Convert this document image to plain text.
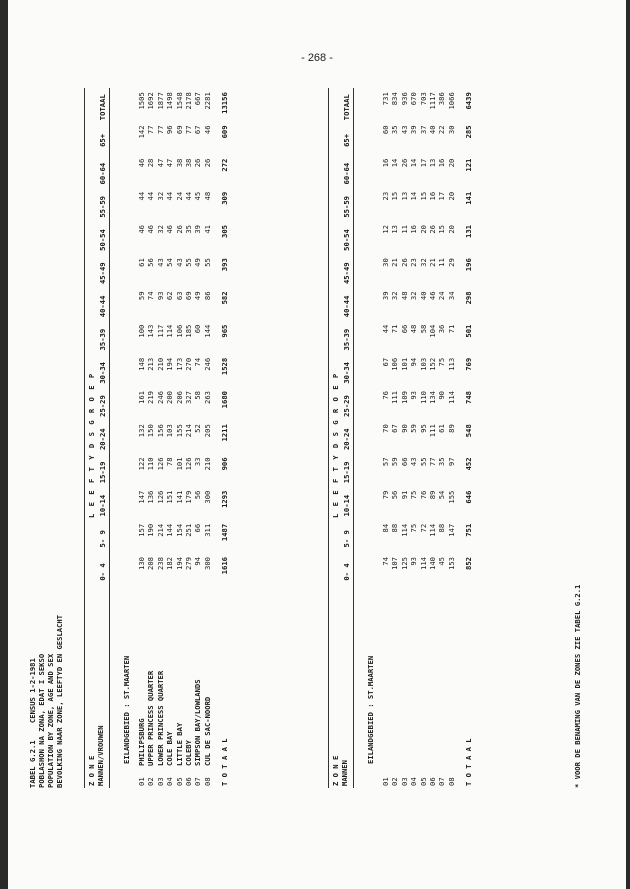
- 268 -
TABEL G.2.1    CENSUS 1-2-1981 POBLASHON NA ZONA, EDAT I SEKSO POPULATION BY ZONE, AGE AND SEX BEVOLKING NAAR ZONE, LEEFTYD EN GESLACHT	Z O N E
MANNEN/VROUWEN
L E E F T Y D S G R O E P
0- 4
5- 9
10-14
15-19
20-24
25-29
30-34
35-39
40-44
45-49
50-54
55-59
60-64
65+
TOTAAL
EILANDGEBIED : ST.MAARTEN
01
PHILIPSBURG
130
157
147
122
132
161
148
100
59
61
46
44
46
142
1505
02
UPPER PRINCESS QUARTER
208
190
136
110
150
219
213
143
74
56
46
44
28
77
1692
03
LOWER PRINCESS QUARTER
238
214
126
126
156
246
210
117
93
43
32
32
47
77
1877
04
COLE BAY
182
144
151
78
103
200
194
114
62
54
46
44
47
96
1498
05
LITTLE BAY
194
154
141
101
155
206
173
106
63
43
26
24
38
69
1548
06
COLEBY
279
251
179
126
214
327
270
185
69
55
35
44
38
77
2178
07
SIMPSON BAY/LOWLANDS
94
66
56
33
52
58
74
60
49
49
39
45
26
67
667
08
CUL DE SAC-NOORD
300
311
300
210
205
263
246
144
86
55
41
48
26
46
2281
T O T A A L
1616
1487
1293
906
1211
1680
1528
965
582
393
305
309
272
609
13156
Z O N E
MANNEN
L E E F T Y D S G R O E P
0- 4
5- 9
10-14
15-19
20-24
25-29
30-34
35-39
40-44
45-49
50-54
55-59
60-64
65+
TOTAAL
EILANDGEBIED : ST.MAARTEN
01
74
84
79
57
70
76
67
44
39
30
12
23
16
60
731
02
107
88
56
59
67
111
106
71
32
21
13
15
14
35
834
03
125
114
91
66
90
109
101
66
48
26
11
13
26
43
936
04
93
75
75
43
59
93
94
48
32
23
16
14
14
39
670
05
114
72
76
55
95
110
103
58
40
32
20
15
17
37
703
06
140
114
89
77
111
134
152
104
46
21
26
16
13
40
1117
07
45
88
54
35
61
90
75
36
24
11
15
17
16
22
386
08
153
147
155
97
89
114
113
71
34
29
20
20
20
30
1066
T O T A A L
852
751
646
452
548
748
769
501
298
196
131
141
121
285
6439
* VOOR DE BENAMING VAN DE ZONES ZIE TABEL G.2.1
